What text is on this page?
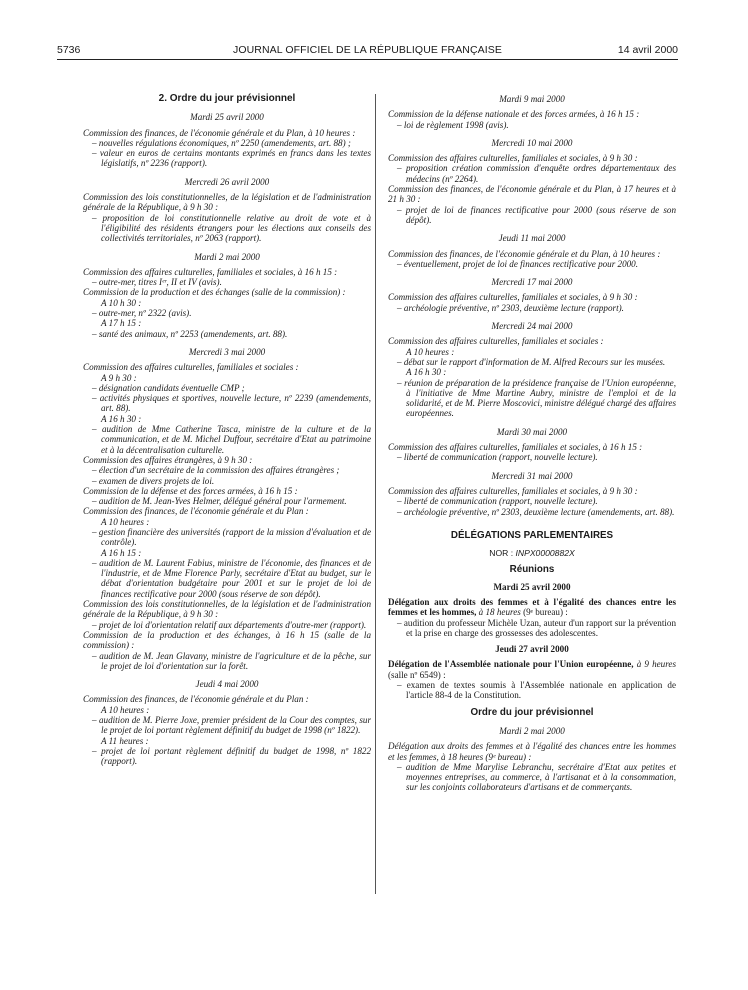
5736	JOURNAL OFFICIEL DE LA RÉPUBLIQUE FRANÇAISE	14 avril 2000

2. Ordre du jour prévisionnel

Mardi 25 avril 2000

Commission des finances, de l'économie générale et du Plan, à 10 heures :

– nouvelles régulations économiques, nº 2250 (amendements, art. 88) ;

– valeur en euros de certains montants exprimés en francs dans les textes législatifs, nº 2236 (rapport).

Mercredi 26 avril 2000

Commission des lois constitutionnelles, de la législation et de l'administration générale de la République, à 9 h 30 :

– proposition de loi constitutionnelle relative au droit de vote et à l'éligibilité des résidents étrangers pour les élections aux conseils des collectivités territoriales, nº 2063 (rapport).

Mardi 2 mai 2000

Commission des affaires culturelles, familiales et sociales, à 16 h 15 :

– outre-mer, titres Iᵉʳ, II et IV (avis).

Commission de la production et des échanges (salle de la commission) :

A 10 h 30 :

– outre-mer, nº 2322 (avis).

A 17 h 15 :

– santé des animaux, nº 2253 (amendements, art. 88).

Mercredi 3 mai 2000

Commission des affaires culturelles, familiales et sociales :

A 9 h 30 :

– désignation candidats éventuelle CMP ;

– activités physiques et sportives, nouvelle lecture, nº 2239 (amendements, art. 88).

A 16 h 30 :

– audition de Mme Catherine Tasca, ministre de la culture et de la communication, et de M. Michel Duffour, secrétaire d'Etat au patrimoine et à la décentralisation culturelle.

Commission des affaires étrangères, à 9 h 30 :

– élection d'un secrétaire de la commission des affaires étrangères ;

– examen de divers projets de loi.

Commission de la défense et des forces armées, à 16 h 15 :

– audition de M. Jean-Yves Helmer, délégué général pour l'armement.

Commission des finances, de l'économie générale et du Plan :

A 10 heures :

– gestion financière des universités (rapport de la mission d'évaluation et de contrôle).

A 16 h 15 :

– audition de M. Laurent Fabius, ministre de l'économie, des finances et de l'industrie, et de Mme Florence Parly, secrétaire d'Etat au budget, sur le débat d'orientation budgétaire pour 2001 et sur le projet de loi de finances rectificative pour 2000 (sous réserve de son dépôt).

Commission des lois constitutionnelles, de la législation et de l'administration générale de la République, à 9 h 30 :

– projet de loi d'orientation relatif aux départements d'outre-mer (rapport).

Commission de la production et des échanges, à 16 h 15 (salle de la commission) :

– audition de M. Jean Glavany, ministre de l'agriculture et de la pêche, sur le projet de loi d'orientation sur la forêt.

Jeudi 4 mai 2000

Commission des finances, de l'économie générale et du Plan :

A 10 heures :

– audition de M. Pierre Joxe, premier président de la Cour des comptes, sur le projet de loi portant règlement définitif du budget de 1998 (nº 1822).

A 11 heures :

– projet de loi portant règlement définitif du budget de 1998, nº 1822 (rapport).

Mardi 9 mai 2000

Commission de la défense nationale et des forces armées, à 16 h 15 :

– loi de règlement 1998 (avis).

Mercredi 10 mai 2000

Commission des affaires culturelles, familiales et sociales, à 9 h 30 :

– proposition création commission d'enquête ordres départementaux des médecins (nº 2264).

Commission des finances, de l'économie générale et du Plan, à 17 heures et à 21 h 30 :

– projet de loi de finances rectificative pour 2000 (sous réserve de son dépôt).

Jeudi 11 mai 2000

Commission des finances, de l'économie générale et du Plan, à 10 heures :

– éventuellement, projet de loi de finances rectificative pour 2000.

Mercredi 17 mai 2000

Commission des affaires culturelles, familiales et sociales, à 9 h 30 :

– archéologie préventive, nº 2303, deuxième lecture (rapport).

Mercredi 24 mai 2000

Commission des affaires culturelles, familiales et sociales :

A 10 heures :

– débat sur le rapport d'information de M. Alfred Recours sur les musées.

A 16 h 30 :

– réunion de préparation de la présidence française de l'Union européenne, à l'initiative de Mme Martine Aubry, ministre de l'emploi et de la solidarité, et de M. Pierre Moscovici, ministre délégué chargé des affaires européennes.

Mardi 30 mai 2000

Commission des affaires culturelles, familiales et sociales, à 16 h 15 :

– liberté de communication (rapport, nouvelle lecture).

Mercredi 31 mai 2000

Commission des affaires culturelles, familiales et sociales, à 9 h 30 :

– liberté de communication (rapport, nouvelle lecture).

– archéologie préventive, nº 2303, deuxième lecture (amendements, art. 88).

DÉLÉGATIONS PARLEMENTAIRES

NOR : INPX0000882X

Réunions

Mardi 25 avril 2000

Délégation aux droits des femmes et à l'égalité des chances entre les femmes et les hommes, à 18 heures (9ᵉ bureau) :

– audition du professeur Michèle Uzan, auteur d'un rapport sur la prévention et la prise en charge des grossesses des adolescentes.

Jeudi 27 avril 2000

Délégation de l'Assemblée nationale pour l'Union européenne, à 9 heures (salle nº 6549) :

– examen de textes soumis à l'Assemblée nationale en application de l'article 88-4 de la Constitution.

Ordre du jour prévisionnel

Mardi 2 mai 2000

Délégation aux droits des femmes et à l'égalité des chances entre les hommes et les femmes, à 18 heures (9ᵉ bureau) :

– audition de Mme Marylise Lebranchu, secrétaire d'Etat aux petites et moyennes entreprises, au commerce, à l'artisanat et à la consommation, sur les conjoints collaborateurs d'artisans et de commerçants.
